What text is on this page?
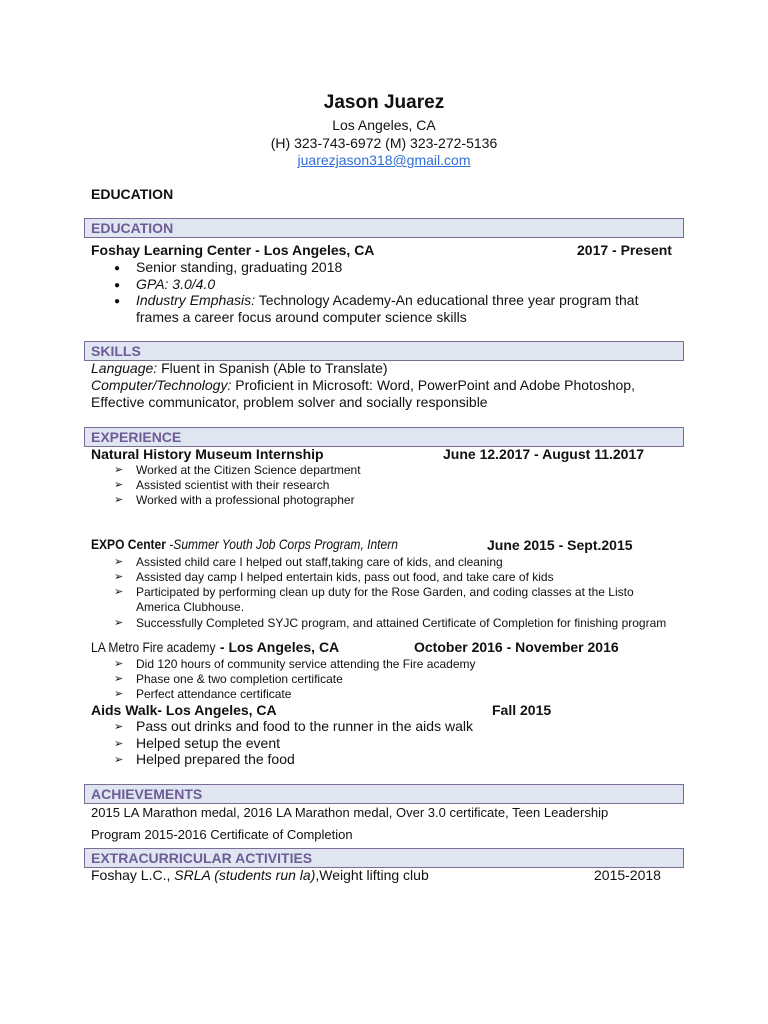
Jason Juarez
Los Angeles, CA
(H) 323-743-6972 (M) 323-272-5136
juarezjason318@gmail.com
EDUCATION
EDUCATION
Foshay Learning Center - Los Angeles, CA	2017 - Present
● Senior standing, graduating 2018
● GPA: 3.0/4.0
● Industry Emphasis: Technology Academy-An educational three year program that
frames a career focus around computer science skills
SKILLS
Language: Fluent in Spanish (Able to Translate)
Computer/Technology: Proficient in Microsoft: Word, PowerPoint and Adobe Photoshop,
Effective communicator, problem solver and socially responsible
EXPERIENCE
Natural History Museum Internship	June 12.2017 - August 11.2017
➢ Worked at the Citizen Science department
➢ Assisted scientist with their research
➢ Worked with a professional photographer
EXPO Center -Summer Youth Job Corps Program, Intern	June 2015 - Sept.2015
➢ Assisted child care I helped out staff,taking care of kids, and cleaning
➢ Assisted day camp I helped entertain kids, pass out food, and take care of kids
➢ Participated by performing clean up duty for the Rose Garden, and coding classes at the Listo
America Clubhouse.
➢ Successfully Completed SYJC program, and attained Certificate of Completion for finishing program
LA Metro Fire academy - Los Angeles, CA	October 2016 - November 2016
➢ Did 120 hours of community service attending the Fire academy
➢ Phase one & two completion certificate
➢ Perfect attendance certificate
Aids Walk- Los Angeles, CA	Fall 2015
➢ Pass out drinks and food to the runner in the aids walk
➢ Helped setup the event
➢ Helped prepared the food
ACHIEVEMENTS
2015 LA Marathon medal, 2016 LA Marathon medal, Over 3.0 certificate, Teen Leadership
Program 2015-2016 Certificate of Completion
EXTRACURRICULAR ACTIVITIES
Foshay L.C., SRLA (students run la),Weight lifting club	2015-2018
